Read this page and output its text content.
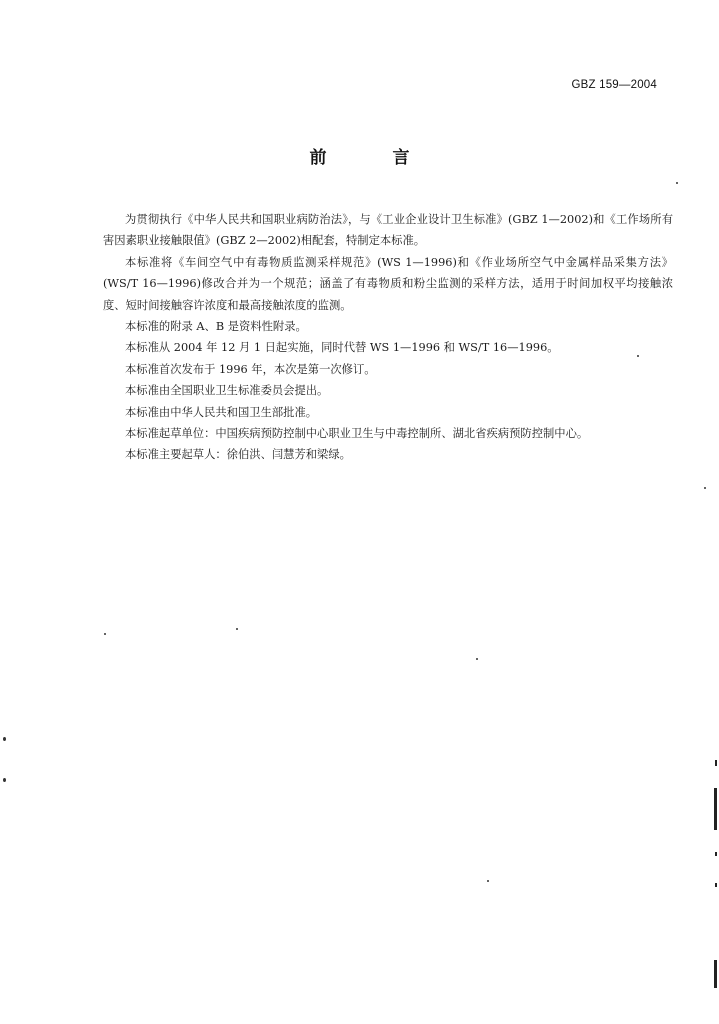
GBZ 159—2004
前 言

为贯彻执行《中华人民共和国职业病防治法》，与《工业企业设计卫生标准》(GBZ 1—2002)和《工作场所有害因素职业接触限值》(GBZ 2—2002)相配套，特制定本标准。

本标准将《车间空气中有毒物质监测采样规范》(WS 1—1996)和《作业场所空气中金属样品采集方法》(WS/T 16—1996)修改合并为一个规范；涵盖了有毒物质和粉尘监测的采样方法，适用于时间加权平均接触浓度、短时间接触容许浓度和最高接触浓度的监测。

本标准的附录 A、B 是资料性附录。

本标准从 2004 年 12 月 1 日起实施，同时代替 WS 1—1996 和 WS/T 16—1996。

本标准首次发布于 1996 年，本次是第一次修订。

本标准由全国职业卫生标准委员会提出。

本标准由中华人民共和国卫生部批准。

本标准起草单位：中国疾病预防控制中心职业卫生与中毒控制所、湖北省疾病预防控制中心。

本标准主要起草人：徐伯洪、闫慧芳和梁绿。
